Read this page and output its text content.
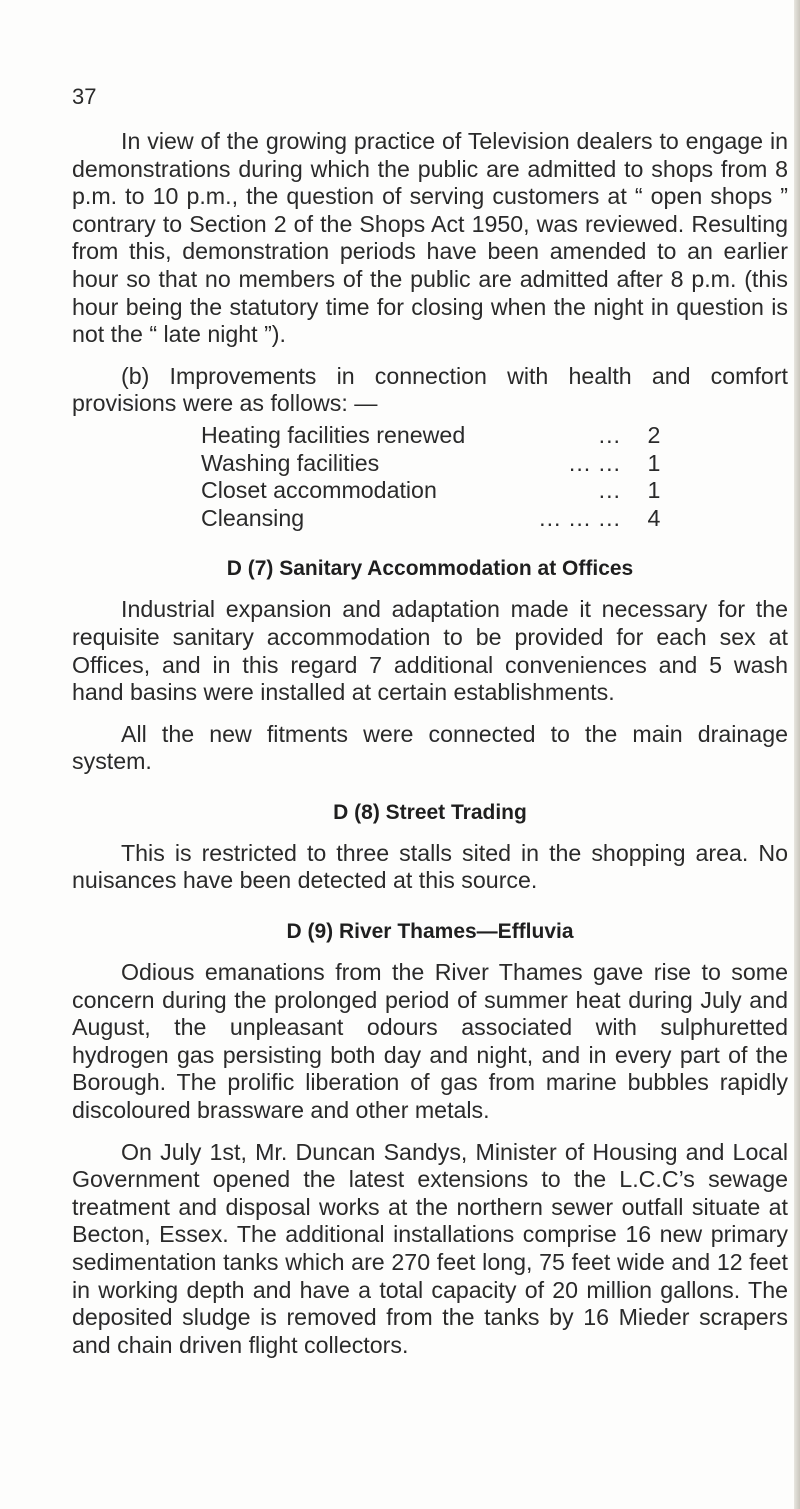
37

In view of the growing practice of Television dealers to engage in demonstrations during which the public are admitted to shops from 8 p.m. to 10 p.m., the question of serving customers at “ open shops ” contrary to Section 2 of the Shops Act 1950, was reviewed. Resulting from this, demonstration periods have been amended to an earlier hour so that no members of the public are admitted after 8 p.m. (this hour being the statutory time for closing when the night in question is not the “ late night ”).

(b) Improvements in connection with health and comfort provisions were as follows: —

Heating facilities renewed	...	2
Washing facilities	... ...	1
Closet accommodation	...	1
Cleansing	... ... ...	4
D (7) Sanitary Accommodation at Offices

Industrial expansion and adaptation made it necessary for the requisite sanitary accommodation to be provided for each sex at Offices, and in this regard 7 additional conveniences and 5 wash hand basins were installed at certain establishments.

All the new fitments were connected to the main drainage system.

D (8) Street Trading

This is restricted to three stalls sited in the shopping area. No nuisances have been detected at this source.

D (9) River Thames—Effluvia

Odious emanations from the River Thames gave rise to some concern during the prolonged period of summer heat during July and August, the unpleasant odours associated with sulphuretted hydrogen gas persisting both day and night, and in every part of the Borough. The prolific liberation of gas from marine bubbles rapidly discoloured brassware and other metals.

On July 1st, Mr. Duncan Sandys, Minister of Housing and Local Government opened the latest extensions to the L.C.C’s sewage treatment and disposal works at the northern sewer outfall situate at Becton, Essex. The additional installations comprise 16 new primary sedimentation tanks which are 270 feet long, 75 feet wide and 12 feet in working depth and have a total capacity of 20 million gallons. The deposited sludge is removed from the tanks by 16 Mieder scrapers and chain driven flight collectors.
